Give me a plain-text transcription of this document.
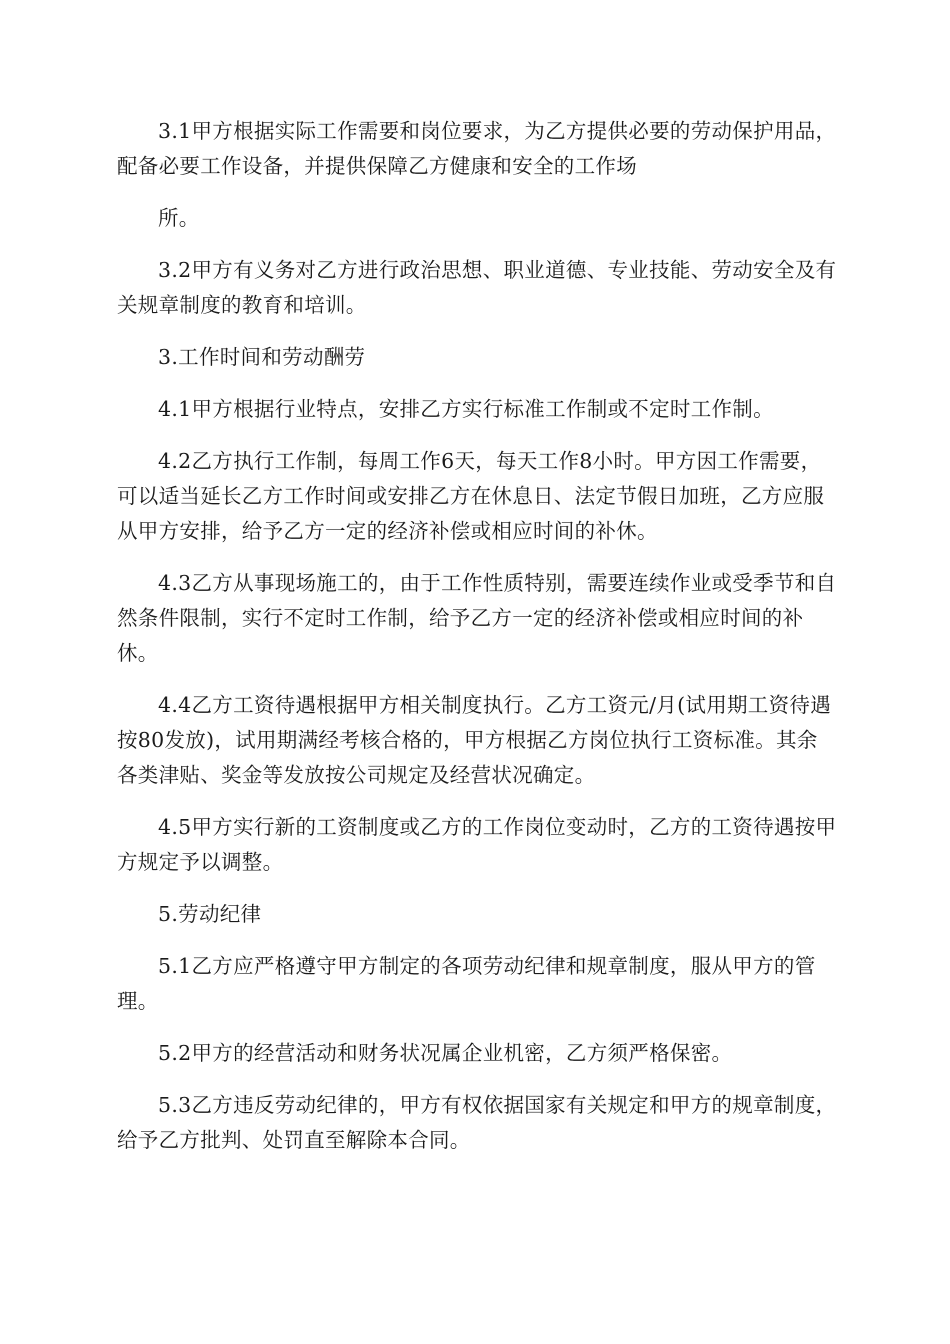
3.1甲方根据实际工作需要和岗位要求，为乙方提供必要的劳动保护用品，配备必要工作设备，并提供保障乙方健康和安全的工作场

所。

3.2甲方有义务对乙方进行政治思想、职业道德、专业技能、劳动安全及有关规章制度的教育和培训。

3.工作时间和劳动酬劳

4.1甲方根据行业特点，安排乙方实行标准工作制或不定时工作制。

4.2乙方执行工作制，每周工作6天，每天工作8小时。甲方因工作需要，可以适当延长乙方工作时间或安排乙方在休息日、法定节假日加班，乙方应服从甲方安排，给予乙方一定的经济补偿或相应时间的补休。

4.3乙方从事现场施工的，由于工作性质特别，需要连续作业或受季节和自然条件限制，实行不定时工作制，给予乙方一定的经济补偿或相应时间的补休。

4.4乙方工资待遇根据甲方相关制度执行。乙方工资元/月(试用期工资待遇按80发放)，试用期满经考核合格的，甲方根据乙方岗位执行工资标准。其余各类津贴、奖金等发放按公司规定及经营状况确定。

4.5甲方实行新的工资制度或乙方的工作岗位变动时，乙方的工资待遇按甲方规定予以调整。

5.劳动纪律

5.1乙方应严格遵守甲方制定的各项劳动纪律和规章制度，服从甲方的管理。

5.2甲方的经营活动和财务状况属企业机密，乙方须严格保密。

5.3乙方违反劳动纪律的，甲方有权依据国家有关规定和甲方的规章制度，给予乙方批判、处罚直至解除本合同。
